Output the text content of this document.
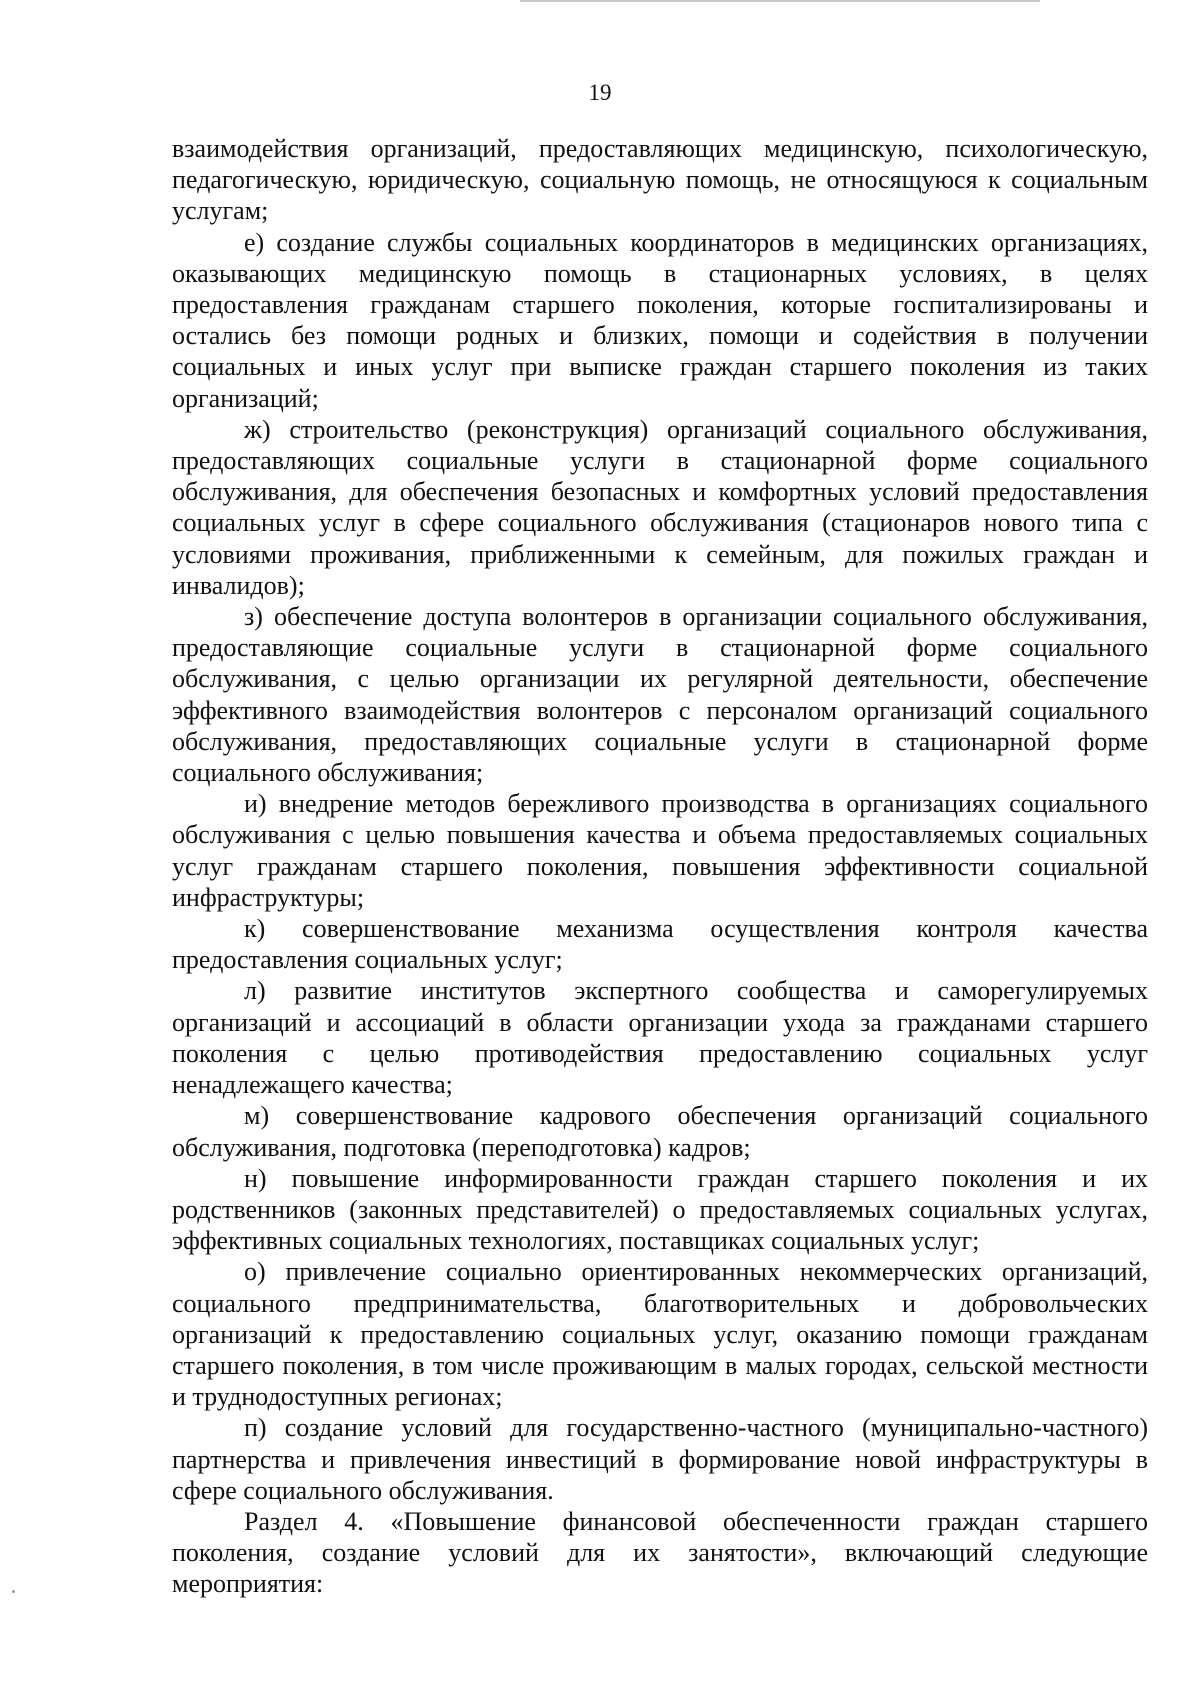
19

взаимодействия организаций, предоставляющих медицинскую, психологическую, педагогическую, юридическую, социальную помощь, не относящуюся к социальным услугам;

е) создание службы социальных координаторов в медицинских организациях, оказывающих медицинскую помощь в стационарных условиях, в целях предоставления гражданам старшего поколения, которые госпитализированы и остались без помощи родных и близких, помощи и содействия в получении социальных и иных услуг при выписке граждан старшего поколения из таких организаций;

ж) строительство (реконструкция) организаций социального обслуживания, предоставляющих социальные услуги в стационарной форме социального обслуживания, для обеспечения безопасных и комфортных условий предоставления социальных услуг в сфере социального обслуживания (стационаров нового типа с условиями проживания, приближенными к семейным, для пожилых граждан и инвалидов);

з) обеспечение доступа волонтеров в организации социального обслуживания, предоставляющие социальные услуги в стационарной форме социального обслуживания, с целью организации их регулярной деятельности, обеспечение эффективного взаимодействия волонтеров с персоналом организаций социального обслуживания, предоставляющих социальные услуги в стационарной форме социального обслуживания;

и) внедрение методов бережливого производства в организациях социального обслуживания с целью повышения качества и объема предоставляемых социальных услуг гражданам старшего поколения, повышения эффективности социальной инфраструктуры;

к) совершенствование механизма осуществления контроля качества предоставления социальных услуг;

л) развитие институтов экспертного сообщества и саморегулируемых организаций и ассоциаций в области организации ухода за гражданами старшего поколения с целью противодействия предоставлению социальных услуг ненадлежащего качества;

м) совершенствование кадрового обеспечения организаций социального обслуживания, подготовка (переподготовка) кадров;

н) повышение информированности граждан старшего поколения и их родственников (законных представителей) о предоставляемых социальных услугах, эффективных социальных технологиях, поставщиках социальных услуг;

о) привлечение социально ориентированных некоммерческих организаций, социального предпринимательства, благотворительных и добровольческих организаций к предоставлению социальных услуг, оказанию помощи гражданам старшего поколения, в том числе проживающим в малых городах, сельской местности и труднодоступных регионах;

п) создание условий для государственно-частного (муниципально-частного) партнерства и привлечения инвестиций в формирование новой инфраструктуры в сфере социального обслуживания.

Раздел 4. «Повышение финансовой обеспеченности граждан старшего поколения, создание условий для их занятости», включающий следующие мероприятия:
